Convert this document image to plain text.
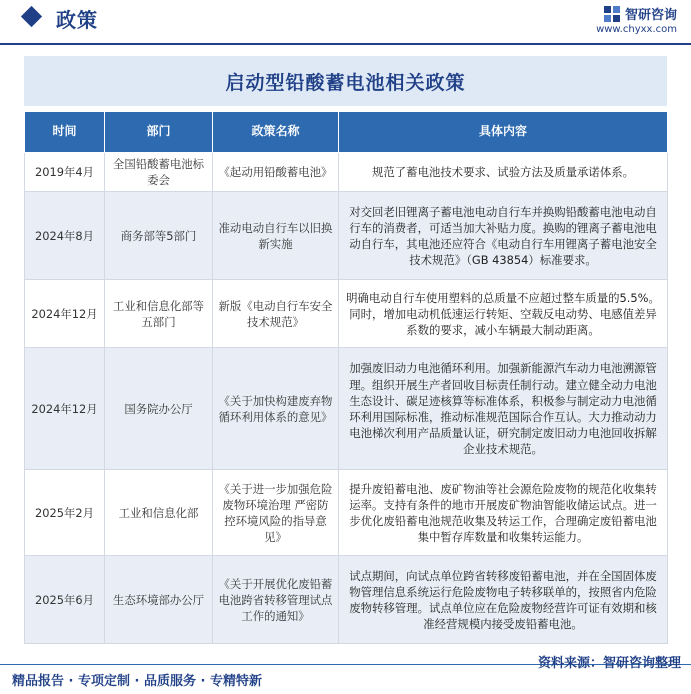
政策	智研咨询
www.chyxx.com
启动型铅酸蓄电池相关政策
时间	部门	政策名称	具体内容
2019年4月	全国铅酸蓄电池标委会	《起动用铅酸蓄电池》	规范了蓄电池技术要求、试验方法及质量承诺体系。
2024年8月	商务部等5部门	准动电动自行车以旧换新实施	对交回老旧锂离子蓄电池电动自行车并换购铅酸蓄电池电动自行车的消费者，可适当加大补贴力度。换购的锂离子蓄电池电动自行车，其电池还应符合《电动自行车用锂离子蓄电池安全技术规范》（GB 43854）标准要求。
2024年12月	工业和信息化部等五部门	新版《电动自行车安全技术规范》	明确电动自行车使用塑料的总质量不应超过整车质量的5.5%。同时，增加电动机低速运行转矩、空载反电动势、电感值差异系数的要求，减小车辆最大制动距离。
2024年12月	国务院办公厅	《关于加快构建废弃物循环利用体系的意见》	加强废旧动力电池循环利用。加强新能源汽车动力电池溯源管理。组织开展生产者回收目标责任制行动。建立健全动力电池生态设计、碳足迹核算等标准体系，积极参与制定动力电池循环利用国际标准，推动标准规范国际合作互认。大力推动动力电池梯次利用产品质量认证，研究制定废旧动力电池回收拆解企业技术规范。
2025年2月	工业和信息化部	《关于进一步加强危险废物环境治理 严密防控环境风险的指导意见》	提升废铅蓄电池、废矿物油等社会源危险废物的规范化收集转运率。支持有条件的地市开展废矿物油智能收储运试点。进一步优化废铅蓄电池规范收集及转运工作，合理确定废铅蓄电池集中暂存库数量和收集转运能力。
2025年6月	生态环境部办公厅	《关于开展优化废铅蓄电池跨省转移管理试点工作的通知》	试点期间，向试点单位跨省转移废铅蓄电池，并在全国固体废物管理信息系统运行危险废物电子转移联单的，按照省内危险废物转移管理。试点单位应在危险废物经营许可证有效期和核准经营规模内接受废铅蓄电池。
精品报告 · 专项定制 · 品质服务 · 专精特新
资料来源：智研咨询整理
